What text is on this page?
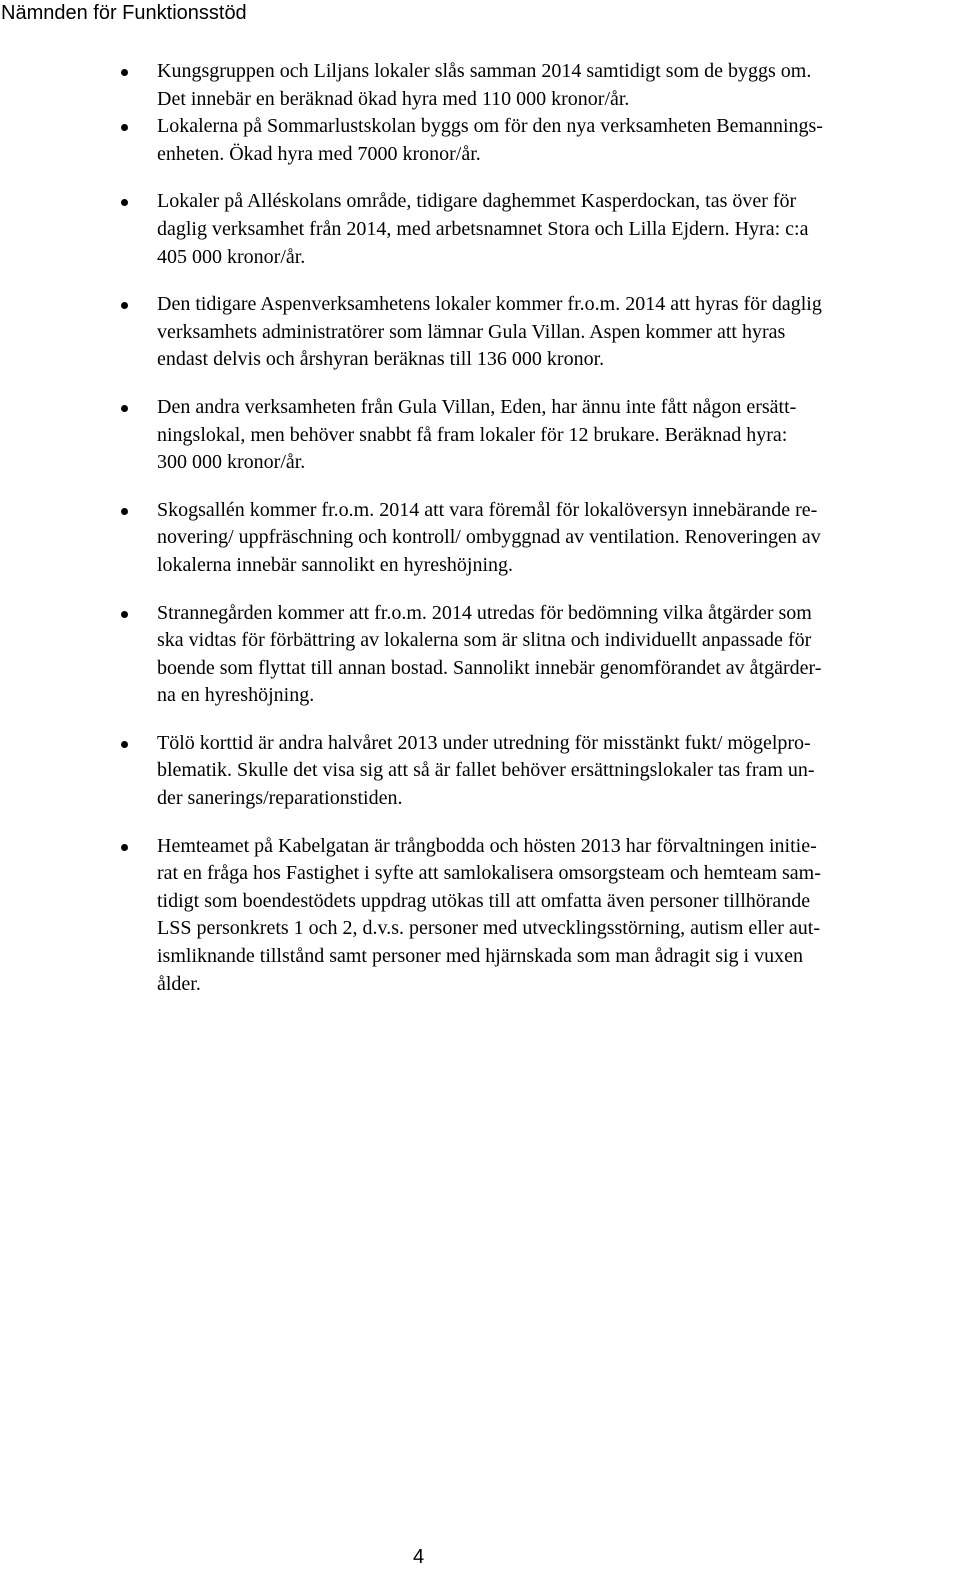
Nämnden för Funktionsstöd
Kungsgruppen och Liljans lokaler slås samman 2014 samtidigt som de byggs om.
Det innebär en beräknad ökad hyra med 110 000 kronor/år.
Lokalerna på Sommarlustskolan byggs om för den nya verksamheten Bemannings-
enheten. Ökad hyra med 7000 kronor/år.
Lokaler på Alléskolans område, tidigare daghemmet Kasperdockan, tas över för
daglig verksamhet från 2014, med arbetsnamnet Stora och Lilla Ejdern. Hyra: c:a
405 000 kronor/år.
Den tidigare Aspenverksamhetens lokaler kommer fr.o.m. 2014 att hyras för daglig
verksamhets administratörer som lämnar Gula Villan. Aspen kommer att hyras
endast delvis och årshyran beräknas till 136 000 kronor.
Den andra verksamheten från Gula Villan, Eden, har ännu inte fått någon ersätt-
ningslokal, men behöver snabbt få fram lokaler för 12 brukare. Beräknad hyra:
300 000 kronor/år.
Skogsallén kommer fr.o.m. 2014 att vara föremål för lokalöversyn innebärande re-
novering/ uppfräschning och kontroll/ ombyggnad av ventilation. Renoveringen av
lokalerna innebär sannolikt en hyreshöjning.
Strannegården kommer att fr.o.m. 2014 utredas för bedömning vilka åtgärder som
ska vidtas för förbättring av lokalerna som är slitna och individuellt anpassade för
boende som flyttat till annan bostad. Sannolikt innebär genomförandet av åtgärder-
na en hyreshöjning.
Tölö korttid är andra halvåret 2013 under utredning för misstänkt fukt/ mögelpro-
blematik. Skulle det visa sig att så är fallet behöver ersättningslokaler tas fram un-
der sanerings/reparationstiden.
Hemteamet på Kabelgatan är trångbodda och hösten 2013 har förvaltningen initie-
rat en fråga hos Fastighet i syfte att samlokalisera omsorgsteam och hemteam sam-
tidigt som boendestödets uppdrag utökas till att omfatta även personer tillhörande
LSS personkrets 1 och 2, d.v.s. personer med utvecklingsstörning, autism eller aut-
ismliknande tillstånd samt personer med hjärnskada som man ådragit sig i vuxen
ålder.
4
